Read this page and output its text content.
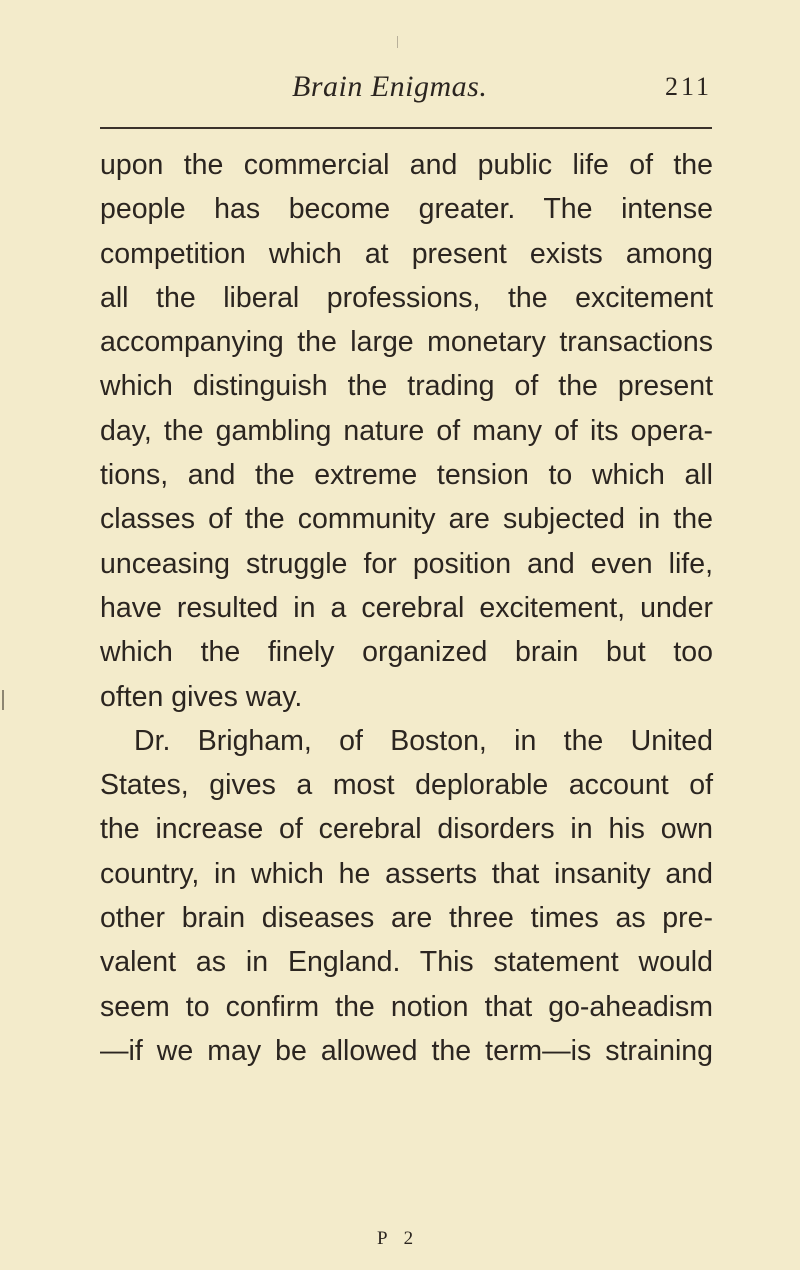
Brain Enigmas.	211
upon the commercial and public life of the
people has become greater. The intense
competition which at present exists among
all the liberal professions, the excitement
accompanying the large monetary transactions
which distinguish the trading of the present
day, the gambling nature of many of its opera-
tions, and the extreme tension to which all
classes of the community are subjected in the
unceasing struggle for position and even life,
have resulted in a cerebral excitement, under
which the finely organized brain but too
often gives way.
Dr. Brigham, of Boston, in the United
States, gives a most deplorable account of
the increase of cerebral disorders in his own
country, in which he asserts that insanity and
other brain diseases are three times as pre-
valent as in England. This statement would
seem to confirm the notion that go-aheadism
—if we may be allowed the term—is straining
P 2
